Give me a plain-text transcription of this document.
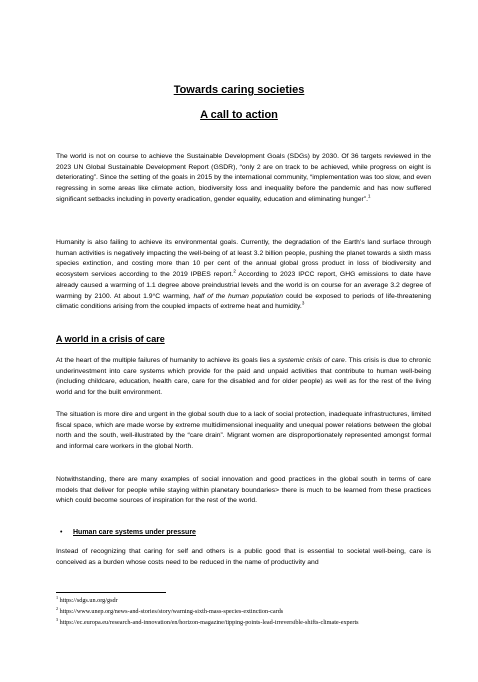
Towards caring societies
A call to action

The world is not on course to achieve the Sustainable Development Goals (SDGs) by 2030. Of 36 targets reviewed in the 2023 UN Global Sustainable Development Report (GSDR), “only 2 are on track to be achieved, while progress on eight is deteriorating”. Since the setting of the goals in 2015 by the international community, “implementation was too slow, and even regressing in some areas like climate action, biodiversity loss and inequality before the pandemic and has now suffered significant setbacks including in poverty eradication, gender equality, education and eliminating hunger”.$^1$

Humanity is also failing to achieve its environmental goals. Currently, the degradation of the Earth’s land surface through human activities is negatively impacting the well-being of at least 3.2 billion people, pushing the planet towards a sixth mass species extinction, and costing more than 10 per cent of the annual global gross product in loss of biodiversity and ecosystem services according to the 2019 IPBES report.$^2$ According to 2023 IPCC report, GHG emissions to date have already caused a warming of 1.1 degree above preindustrial levels and the world is on course for an average 3.2 degree of warming by 2100. At about 1.9°C warming, half of the human population could be exposed to periods of life-threatening climatic conditions arising from the coupled impacts of extreme heat and humidity.$^3$

A world in a crisis of care

At the heart of the multiple failures of humanity to achieve its goals lies a systemic crisis of care. This crisis is due to chronic underinvestment into care systems which provide for the paid and unpaid activities that contribute to human well-being (including childcare, education, health care, care for the disabled and for older people) as well as for the rest of the living world and for the built environment.

The situation is more dire and urgent in the global south due to a lack of social protection, inadequate infrastructures, limited fiscal space, which are made worse by extreme multidimensional inequality and unequal power relations between the global north and the south, well-illustrated by the “care drain”. Migrant women are disproportionately represented amongst formal and informal care workers in the global North.

Notwithstanding, there are many examples of social innovation and good practices in the global south in terms of care models that deliver for people while staying within planetary boundaries> there is much to be learned from these practices which could become sources of inspiration for the rest of the world.

• Human care systems under pressure

Instead of recognizing that caring for self and others is a public good that is essential to societal well-being, care is conceived as a burden whose costs need to be reduced in the name of productivity and

$^1$ https://sdgs.un.org/gsdr
$^2$ https://www.unep.org/news-and-stories/story/warning-sixth-mass-species-extinction-cards
$^3$ https://ec.europa.eu/research-and-innovation/en/horizon-magazine/tipping-points-lead-irreversible-shifts-climate-experts
